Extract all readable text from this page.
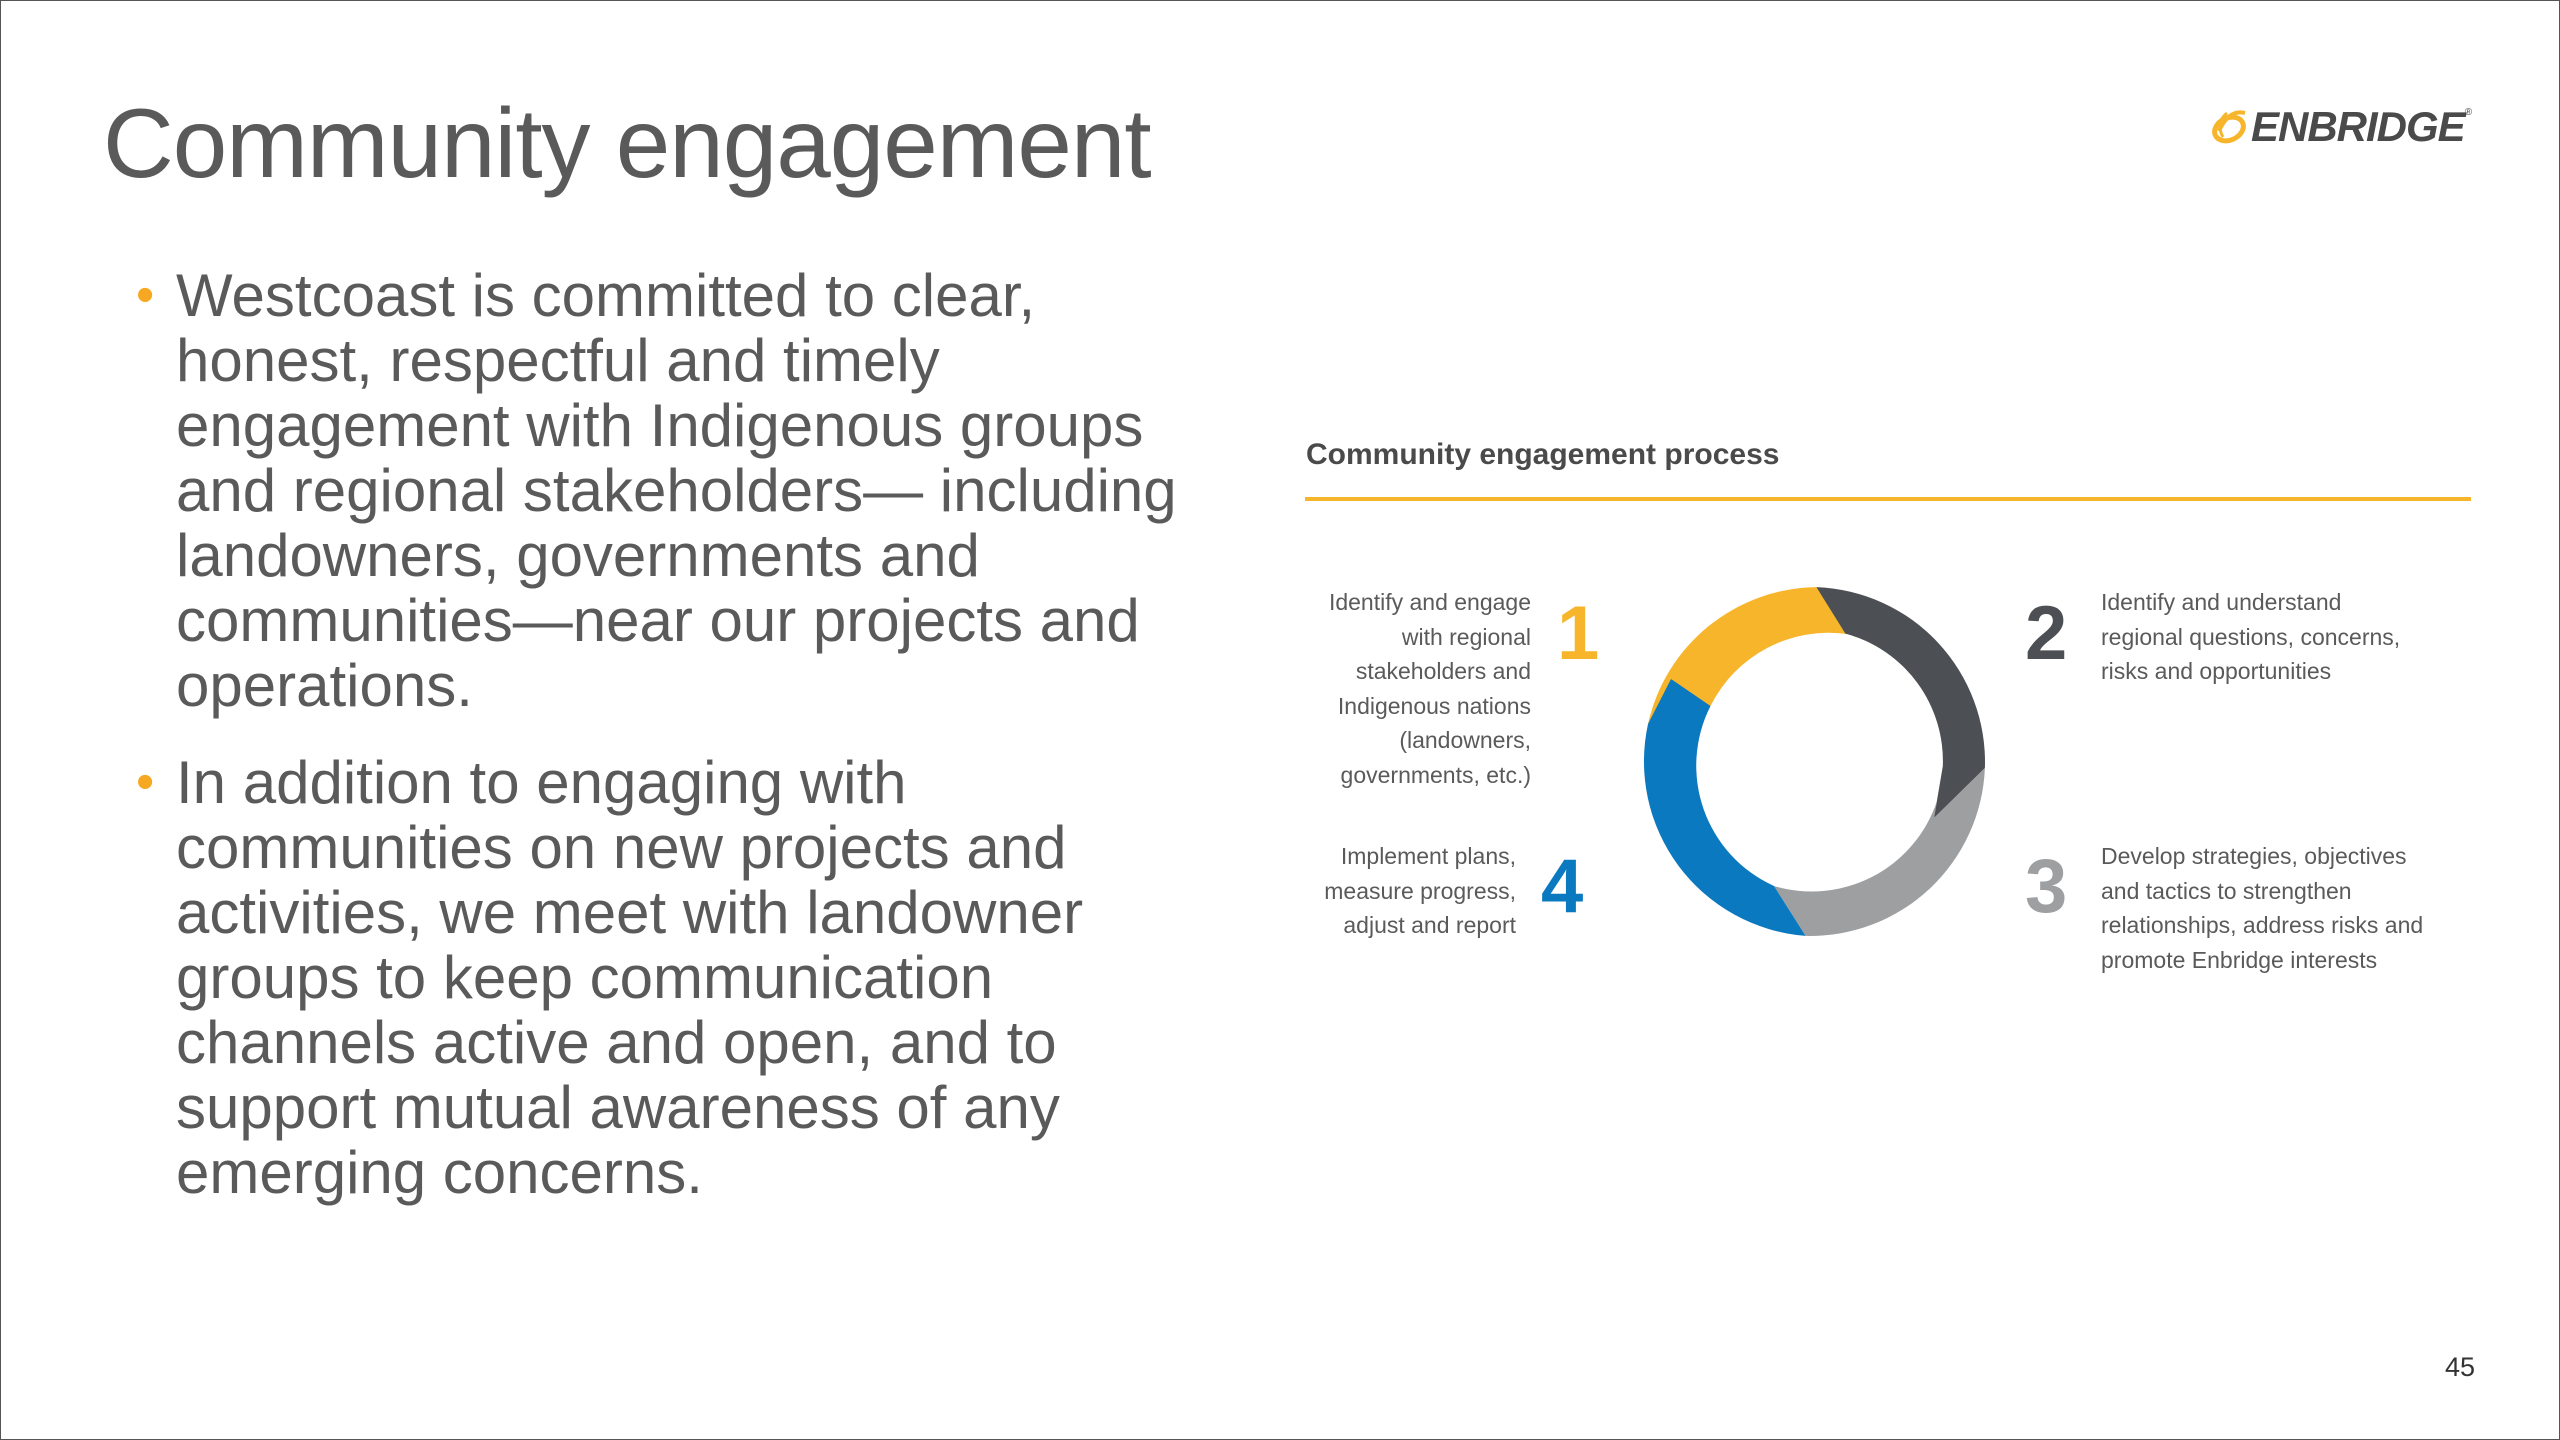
Community engagement	ENBRIDGE ®
• Westcoast is committed to clear, honest, respectful and timely engagement with Indigenous groups and regional stakeholders— including landowners, governments and communities—near our projects and operations.
• In addition to engaging with communities on new projects and activities, we meet with landowner groups to keep communication channels active and open, and to support mutual awareness of any emerging concerns.
Community engagement process
Identify and engage with regional stakeholders and Indigenous nations (landowners, governments, etc.)
1	2 Identify and understand regional questions, concerns, risks and opportunities
3 Develop strategies, objectives and tactics to strengthen relationships, address risks and promote Enbridge interests
Implement plans, measure progress, adjust and report 4
45
